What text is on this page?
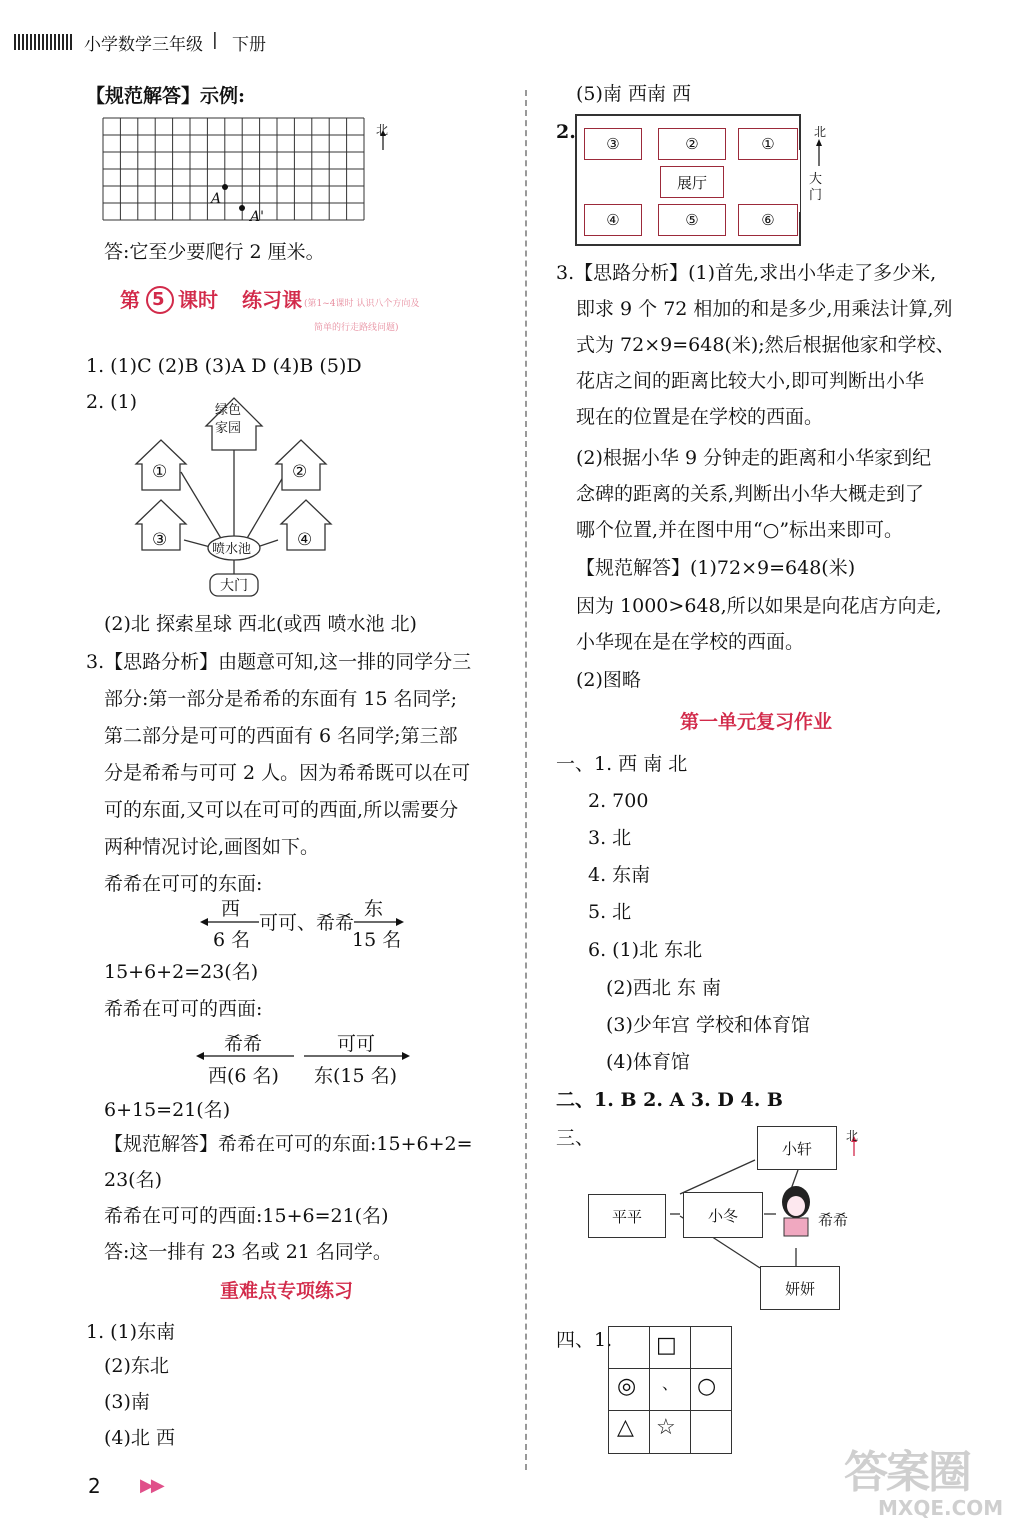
小学数学三年级 | 下册
【规范解答】示例:
北
A
A'
答:它至少要爬行 2 厘米。
第 5 课时 练习课 (第1~4课时 认识八个方向及
简单的行走路线问题)
1. (1)C (2)B (3)A D (4)B (5)D
2. (1)	绿色
家园
①	②
③	④
喷水池
大门
(2)北 探索星球 西北(或西 喷水池 北)
3.【思路分析】由题意可知,这一排的同学分三
部分:第一部分是希希的东面有 15 名同学;
第二部分是可可的西面有 6 名同学;第三部
分是希希与可可 2 人。因为希希既可以在可
可的东面,又可以在可可的西面,所以需要分
两种情况讨论,画图如下。
希希在可可的东面:
西
6 名
可可、希希
东
15 名
15+6+2=23(名)
希希在可可的西面:
希希	可可
西(6 名) 东(15 名)
6+15=21(名)
【规范解答】希希在可可的东面:15+6+2=
23(名)
希希在可可的西面:15+6=21(名)
答:这一排有 23 名或 21 名同学。
重难点专项练习
1. (1)东南
(2)东北
(3)南
(4)北 西
(5)南 西南 西
2.
③	②	①
展厅
④	⑤	⑥
北
大门
3.【思路分析】(1)首先,求出小华走了多少米,
即求 9 个 72 相加的和是多少,用乘法计算,列
式为 72×9=648(米);然后根据他家和学校、
花店之间的距离比较大小,即可判断出小华
现在的位置是在学校的西面。
(2)根据小华 9 分钟走的距离和小华家到纪
念碑的距离的关系,判断出小华大概走到了
哪个位置,并在图中用“○”标出来即可。
【规范解答】(1)72×9=648(米)
因为 1000>648,所以如果是向花店方向走,
小华现在是在学校的西面。
(2)图略
第一单元复习作业
一、1. 西 南 北
2. 700
3. 北
4. 东南
5. 北
6. (1)北 东北
(2)西北 东 南
(3)少年宫 学校和体育馆
(4)体育馆
二、1. B 2. A 3. D 4. B
三、	小轩
平平	小冬
妍妍
希希
北
四、1. □
◎ 、 ○
△ ☆
2 ▶▶	答案圈
MXQE.COM
